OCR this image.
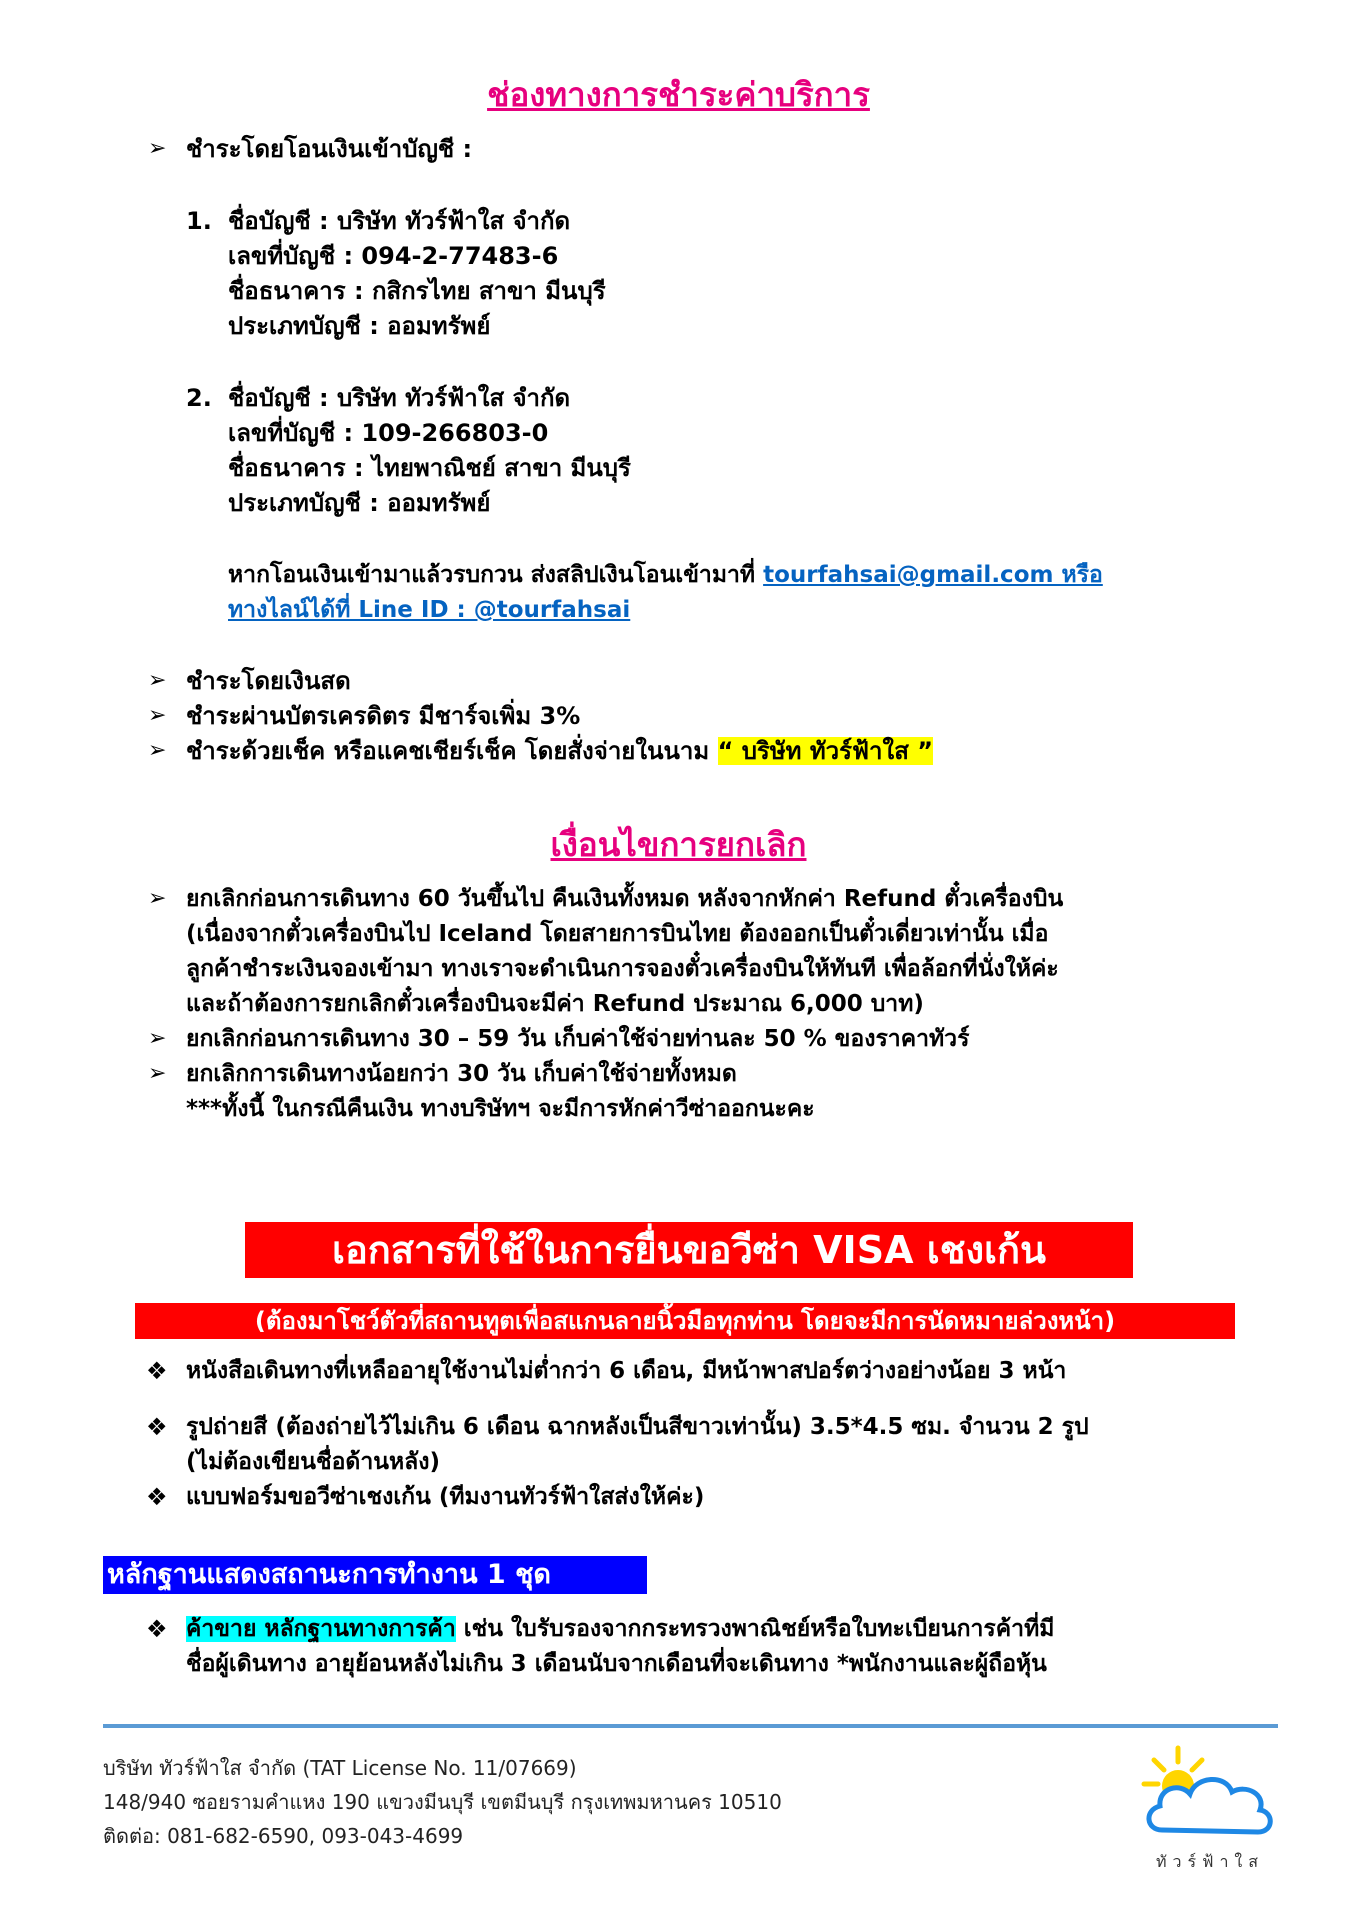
ช่องทางการชำระค่าบริการ
➢ ชำระโดยโอนเงินเข้าบัญชี :
1. ชื่อบัญชี : บริษัท ทัวร์ฟ้าใส จำกัด
เลขที่บัญชี : 094-2-77483-6
ชื่อธนาคาร : กสิกรไทย สาขา มีนบุรี
ประเภทบัญชี : ออมทรัพย์
2. ชื่อบัญชี : บริษัท ทัวร์ฟ้าใส จำกัด
เลขที่บัญชี : 109-266803-0
ชื่อธนาคาร : ไทยพาณิชย์ สาขา มีนบุรี
ประเภทบัญชี : ออมทรัพย์
หากโอนเงินเข้ามาแล้วรบกวน ส่งสลิปเงินโอนเข้ามาที่ tourfahsai@gmail.com หรือ
ทางไลน์ได้ที่ Line ID : @tourfahsai
➢ ชำระโดยเงินสด
➢ ชำระผ่านบัตรเครดิตร มีชาร์จเพิ่ม 3%
➢ ชำระด้วยเช็ค หรือแคชเชียร์เช็ค โดยสั่งจ่ายในนาม “ บริษัท ทัวร์ฟ้าใส ”
เงื่อนไขการยกเลิก
➢ ยกเลิกก่อนการเดินทาง 60 วันขึ้นไป คืนเงินทั้งหมด หลังจากหักค่า Refund ตั๋วเครื่องบิน
(เนื่องจากตั๋วเครื่องบินไป Iceland โดยสายการบินไทย ต้องออกเป็นตั๋วเดี่ยวเท่านั้น เมื่อ
ลูกค้าชำระเงินจองเข้ามา ทางเราจะดำเนินการจองตั๋วเครื่องบินให้ทันที เพื่อล้อกที่นั่งให้ค่ะ
และถ้าต้องการยกเลิกตั๋วเครื่องบินจะมีค่า Refund ประมาณ 6,000 บาท)
➢ ยกเลิกก่อนการเดินทาง 30 – 59 วัน เก็บค่าใช้จ่ายท่านละ 50 % ของราคาทัวร์
➢ ยกเลิกการเดินทางน้อยกว่า 30 วัน เก็บค่าใช้จ่ายทั้งหมด
***ทั้งนี้ ในกรณีคืนเงิน ทางบริษัทฯ จะมีการหักค่าวีซ่าออกนะคะ
เอกสารที่ใช้ในการยื่นขอวีซ่า VISA เชงเก้น
(ต้องมาโชว์ตัวที่สถานทูตเพื่อสแกนลายนิ้วมือทุกท่าน โดยจะมีการนัดหมายล่วงหน้า)
❖ หนังสือเดินทางที่เหลืออายุใช้งานไม่ต่ำกว่า 6 เดือน, มีหน้าพาสปอร์ตว่างอย่างน้อย 3 หน้า
❖ รูปถ่ายสี (ต้องถ่ายไว้ไม่เกิน 6 เดือน ฉากหลังเป็นสีขาวเท่านั้น) 3.5*4.5 ซม. จำนวน 2 รูป
(ไม่ต้องเขียนชื่อด้านหลัง)
❖ แบบฟอร์มขอวีซ่าเชงเก้น (ทีมงานทัวร์ฟ้าใสส่งให้ค่ะ)
หลักฐานแสดงสถานะการทำงาน 1 ชุด
❖ ค้าขาย หลักฐานทางการค้า เช่น ใบรับรองจากกระทรวงพาณิชย์หรือใบทะเบียนการค้าที่มี
ชื่อผู้เดินทาง อายุย้อนหลังไม่เกิน 3 เดือนนับจากเดือนที่จะเดินทาง *พนักงานและผู้ถือหุ้น
บริษัท ทัวร์ฟ้าใส จำกัด (TAT License No. 11/07669)
148/940 ซอยรามคำแหง 190 แขวงมีนบุรี เขตมีนบุรี กรุงเทพมหานคร 10510
ติดต่อ: 081-682-6590, 093-043-4699
ทัวร์ฟ้าใส
